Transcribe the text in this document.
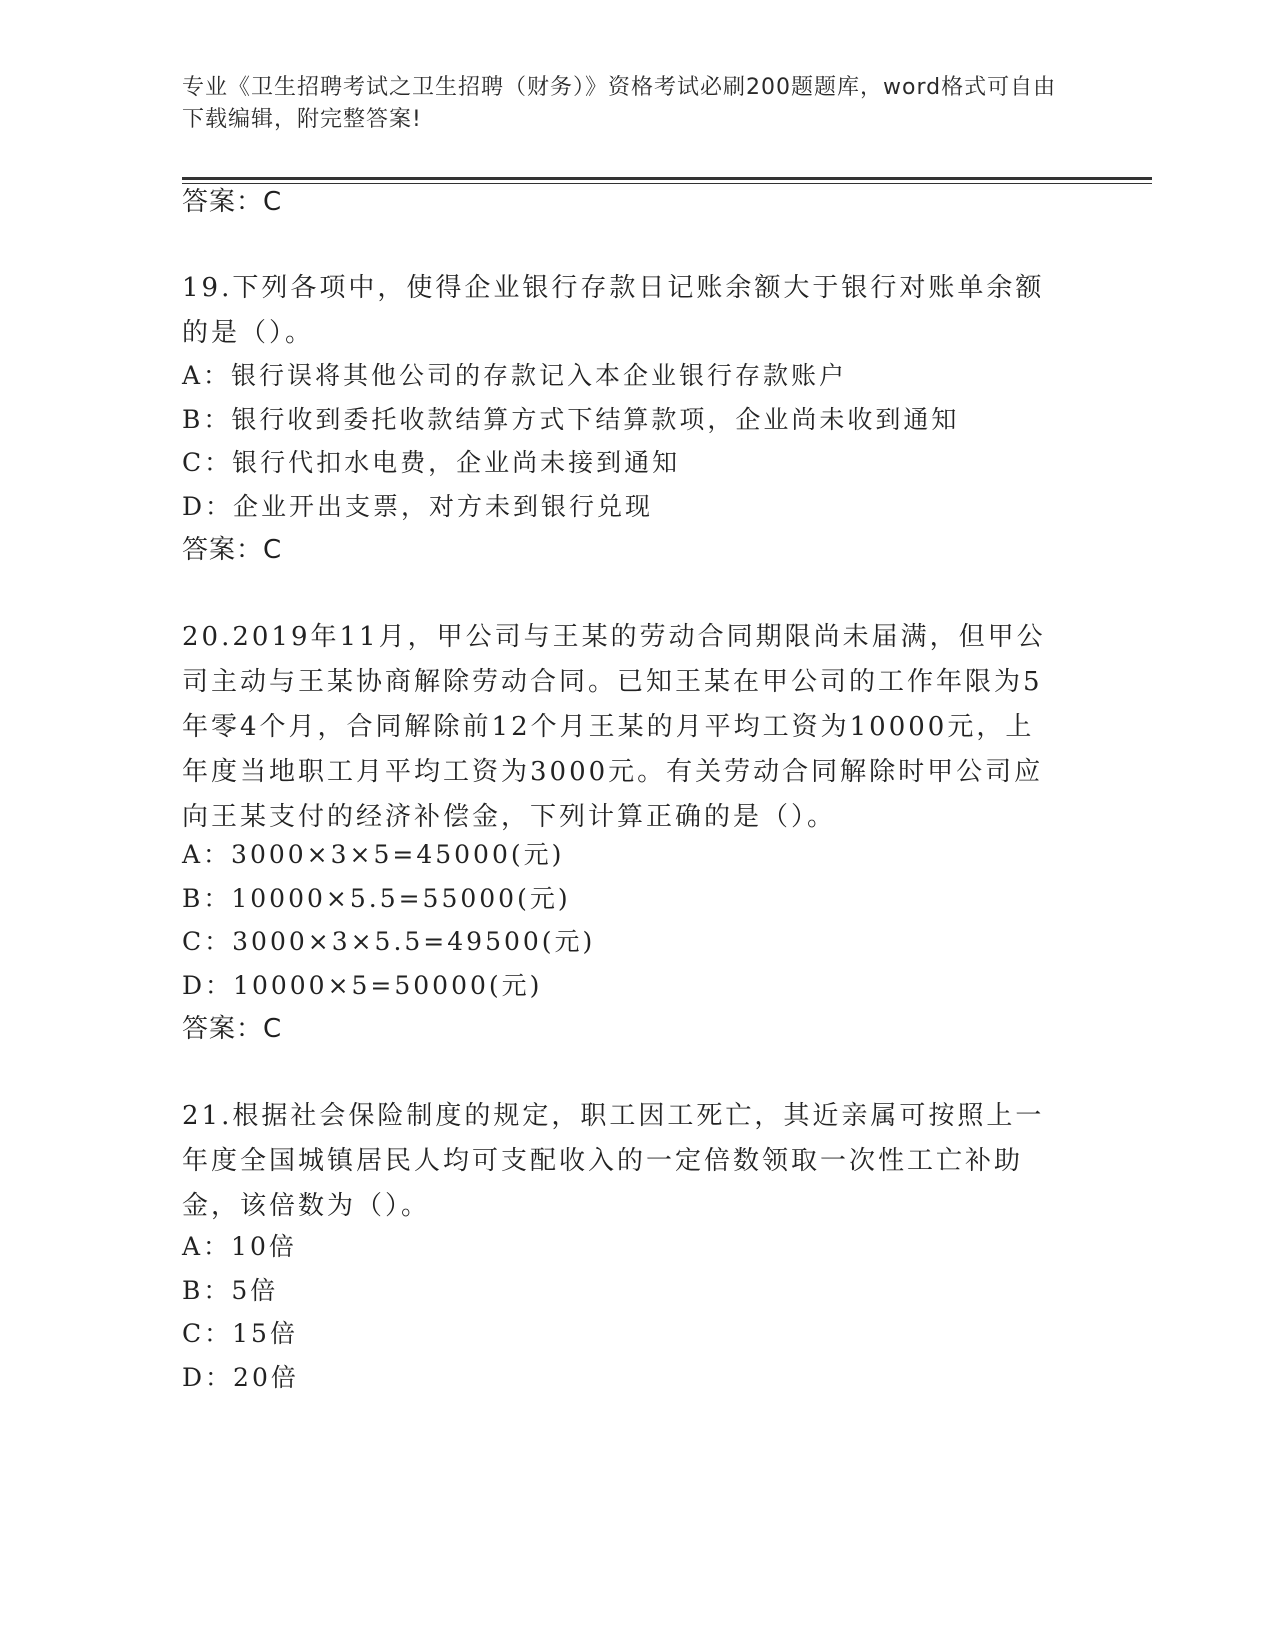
专业《卫生招聘考试之卫生招聘（财务）》资格考试必刷200题题库，word格式可自由下载编辑，附完整答案!
答案：C
19.下列各项中，使得企业银行存款日记账余额大于银行对账单余额的是（）。
A：银行误将其他公司的存款记入本企业银行存款账户
B：银行收到委托收款结算方式下结算款项，企业尚未收到通知
C：银行代扣水电费，企业尚未接到通知
D：企业开出支票，对方未到银行兑现
答案：C
20.2019年11月，甲公司与王某的劳动合同期限尚未届满，但甲公司主动与王某协商解除劳动合同。已知王某在甲公司的工作年限为5年零4个月，合同解除前12个月王某的月平均工资为10000元，上年度当地职工月平均工资为3000元。有关劳动合同解除时甲公司应向王某支付的经济补偿金，下列计算正确的是（）。
A：3000×3×5=45000(元)
B：10000×5.5=55000(元)
C：3000×3×5.5=49500(元)
D：10000×5=50000(元)
答案：C
21.根据社会保险制度的规定，职工因工死亡，其近亲属可按照上一年度全国城镇居民人均可支配收入的一定倍数领取一次性工亡补助金，该倍数为（）。
A：10倍
B：5倍
C：15倍
D：20倍
